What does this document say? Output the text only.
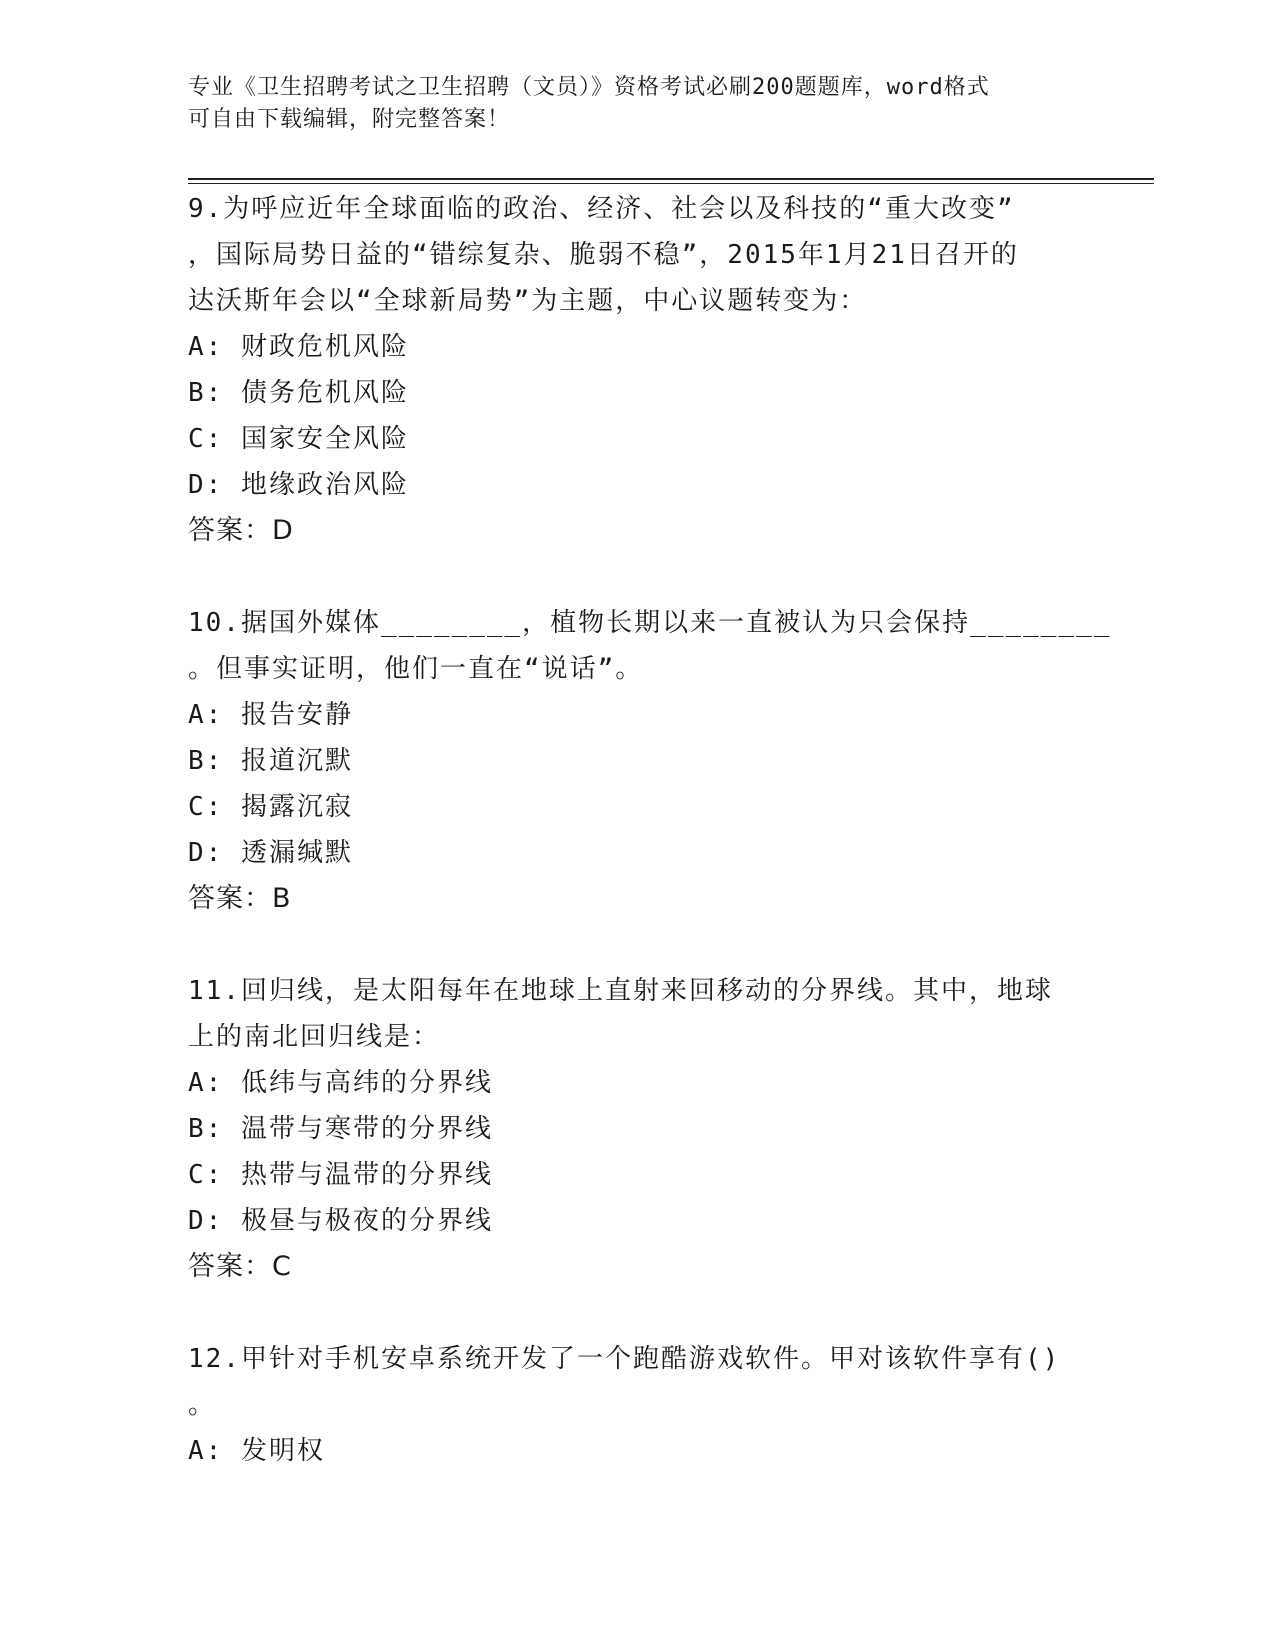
专业《卫生招聘考试之卫生招聘（文员）》资格考试必刷200题题库，word格式
可自由下载编辑，附完整答案！
9.为呼应近年全球面临的政治、经济、社会以及科技的“重大改变”
，国际局势日益的“错综复杂、脆弱不稳”，2015年1月21日召开的
达沃斯年会以“全球新局势”为主题，中心议题转变为：
A: 财政危机风险
B: 债务危机风险
C: 国家安全风险
D: 地缘政治风险
答案：D
10.据国外媒体________，植物长期以来一直被认为只会保持________
。但事实证明，他们一直在“说话”。
A: 报告安静
B: 报道沉默
C: 揭露沉寂
D: 透漏缄默
答案：B
11.回归线，是太阳每年在地球上直射来回移动的分界线。其中，地球
上的南北回归线是：
A: 低纬与高纬的分界线
B: 温带与寒带的分界线
C: 热带与温带的分界线
D: 极昼与极夜的分界线
答案：C
12.甲针对手机安卓系统开发了一个跑酷游戏软件。甲对该软件享有()
。
A: 发明权
